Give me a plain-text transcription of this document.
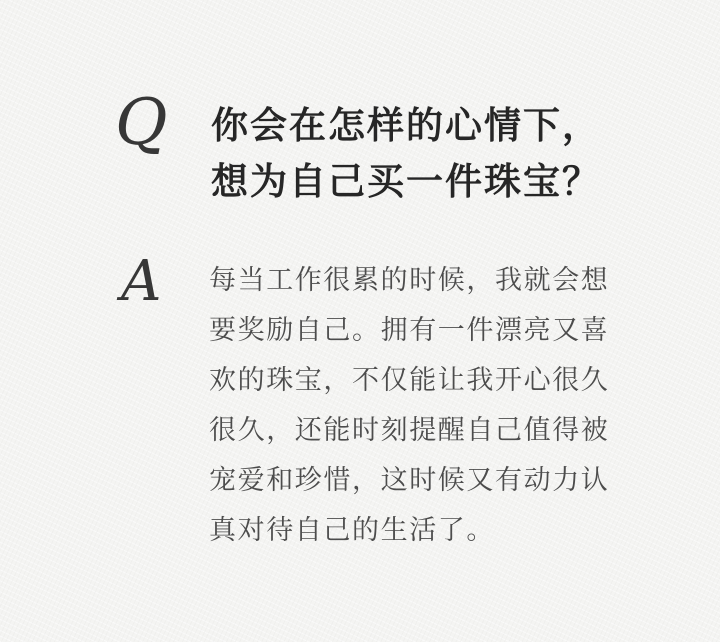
Q 你会在怎样的心情下，
想为自己买一件珠宝？
A 每当工作很累的时候，我就会想
要奖励自己。拥有一件漂亮又喜
欢的珠宝，不仅能让我开心很久
很久，还能时刻提醒自己值得被
宠爱和珍惜，这时候又有动力认
真对待自己的生活了。
